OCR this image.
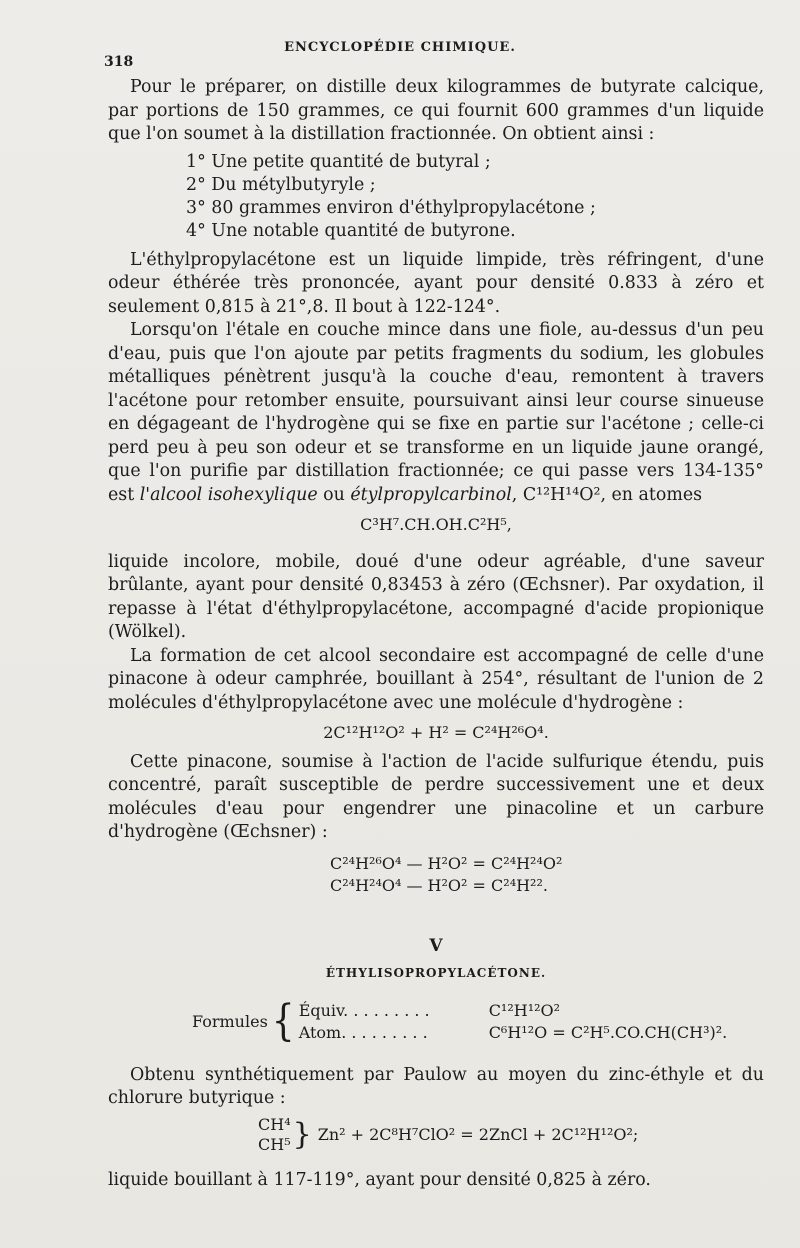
318
ENCYCLOPÉDIE CHIMIQUE.

Pour le préparer, on distille deux kilogrammes de butyrate calcique, par portions de 150 grammes, ce qui fournit 600 grammes d'un liquide que l'on soumet à la distillation fractionnée. On obtient ainsi :

1° Une petite quantité de butyral ;
2° Du métylbutyryle ;
3° 80 grammes environ d'éthylpropylacétone ;
4° Une notable quantité de butyrone.

L'éthylpropylacétone est un liquide limpide, très réfringent, d'une odeur éthérée très prononcée, ayant pour densité 0.833 à zéro et seulement 0,815 à 21°,8. Il bout à 122-124°.

Lorsqu'on l'étale en couche mince dans une fiole, au-dessus d'un peu d'eau, puis que l'on ajoute par petits fragments du sodium, les globules métalliques pénètrent jusqu'à la couche d'eau, remontent à travers l'acétone pour retomber ensuite, poursuivant ainsi leur course sinueuse en dégageant de l'hydrogène qui se fixe en partie sur l'acétone ; celle-ci perd peu à peu son odeur et se transforme en un liquide jaune orangé, que l'on purifie par distillation fractionnée; ce qui passe vers 134-135° est l'alcool isohexylique ou étylpropylcarbinol, C¹²H¹⁴O², en atomes

C³H⁷.CH.OH.C²H⁵,

liquide incolore, mobile, doué d'une odeur agréable, d'une saveur brûlante, ayant pour densité 0,83453 à zéro (Œchsner). Par oxydation, il repasse à l'état d'éthylpropylacétone, accompagné d'acide propionique (Wölkel).

La formation de cet alcool secondaire est accompagné de celle d'une pinacone à odeur camphrée, bouillant à 254°, résultant de l'union de 2 molécules d'éthylpropylacétone avec une molécule d'hydrogène :

2C¹²H¹²O² + H² = C²⁴H²⁶O⁴.

Cette pinacone, soumise à l'action de l'acide sulfurique étendu, puis concentré, paraît susceptible de perdre successivement une et deux molécules d'eau pour engendrer une pinacoline et un carbure d'hydrogène (Œchsner) :

C²⁴H²⁶O⁴ — H²O² = C²⁴H²⁴O²
C²⁴H²⁴O⁴ — H²O² = C²⁴H²².
V
ÉTHYLISOPROPYLACÉTONE.
Formules { Équiv. . . . . . . . .	C¹²H¹²O²
Atom. . . . . . . . .	C⁶H¹²O = C²H⁵.CO.CH(CH³)².

Obtenu synthétiquement par Paulow au moyen du zinc-éthyle et du chlorure butyrique :

CH⁴
CH⁵ } Zn² + 2C⁸H⁷ClO² = 2ZnCl + 2C¹²H¹²O²;

liquide bouillant à 117-119°, ayant pour densité 0,825 à zéro.
